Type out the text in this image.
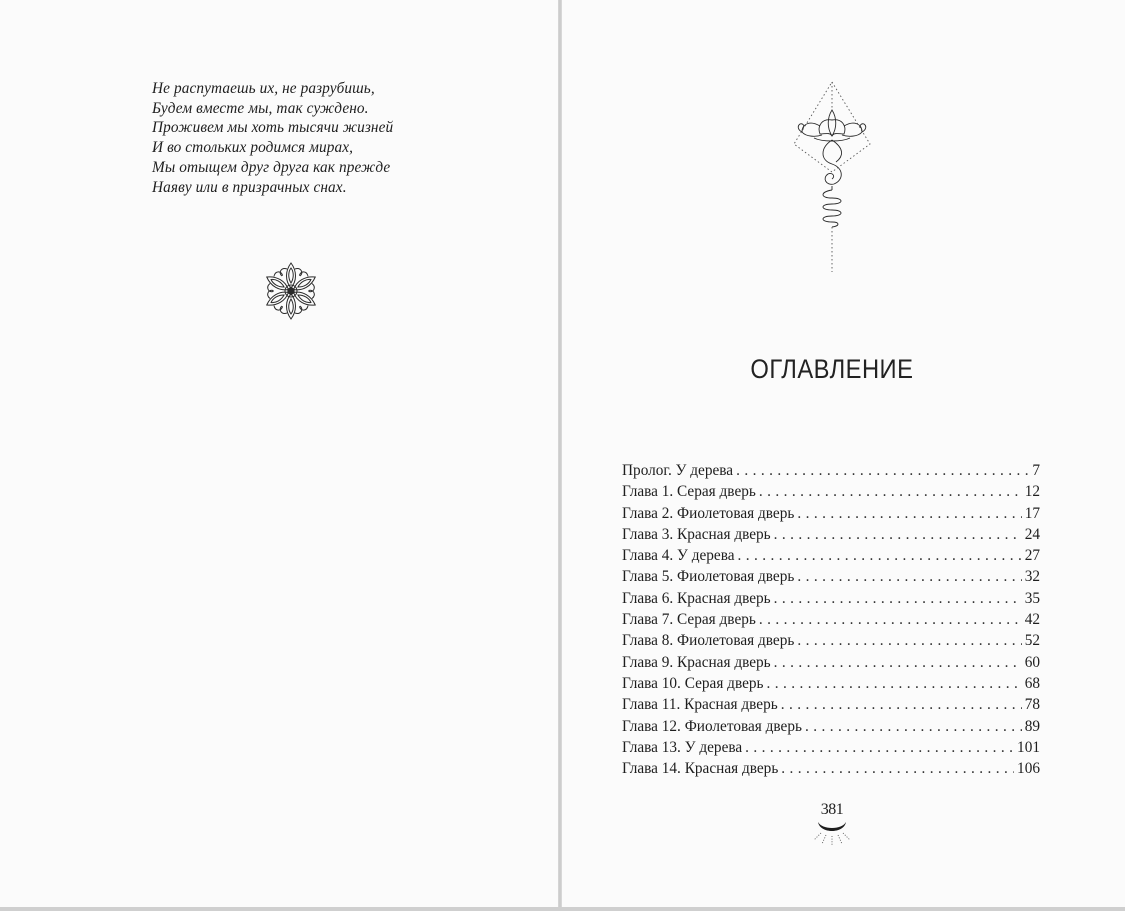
Не распутаешь их, не разрубишь,
Будем вместе мы, так суждено.
Проживем мы хоть тысячи жизней
И во стольких родимся мирах,
Мы отыщем друг друга как прежде
Наяву или в призрачных снах.
ОГЛАВЛЕНИЕ
Пролог. У дерева . . .	7
Глава 1. Серая дверь . . .	12
Глава 2. Фиолетовая дверь . . .	17
Глава 3. Красная дверь . . .	24
Глава 4. У дерева . . .	27
Глава 5. Фиолетовая дверь . . .	32
Глава 6. Красная дверь . . .	35
Глава 7. Серая дверь . . .	42
Глава 8. Фиолетовая дверь . . .	52
Глава 9. Красная дверь . . .	60
Глава 10. Серая дверь . . .	68
Глава 11. Красная дверь . . .	78
Глава 12. Фиолетовая дверь . . .	89
Глава 13. У дерева . . .	101
Глава 14. Красная дверь . . .	106
381
